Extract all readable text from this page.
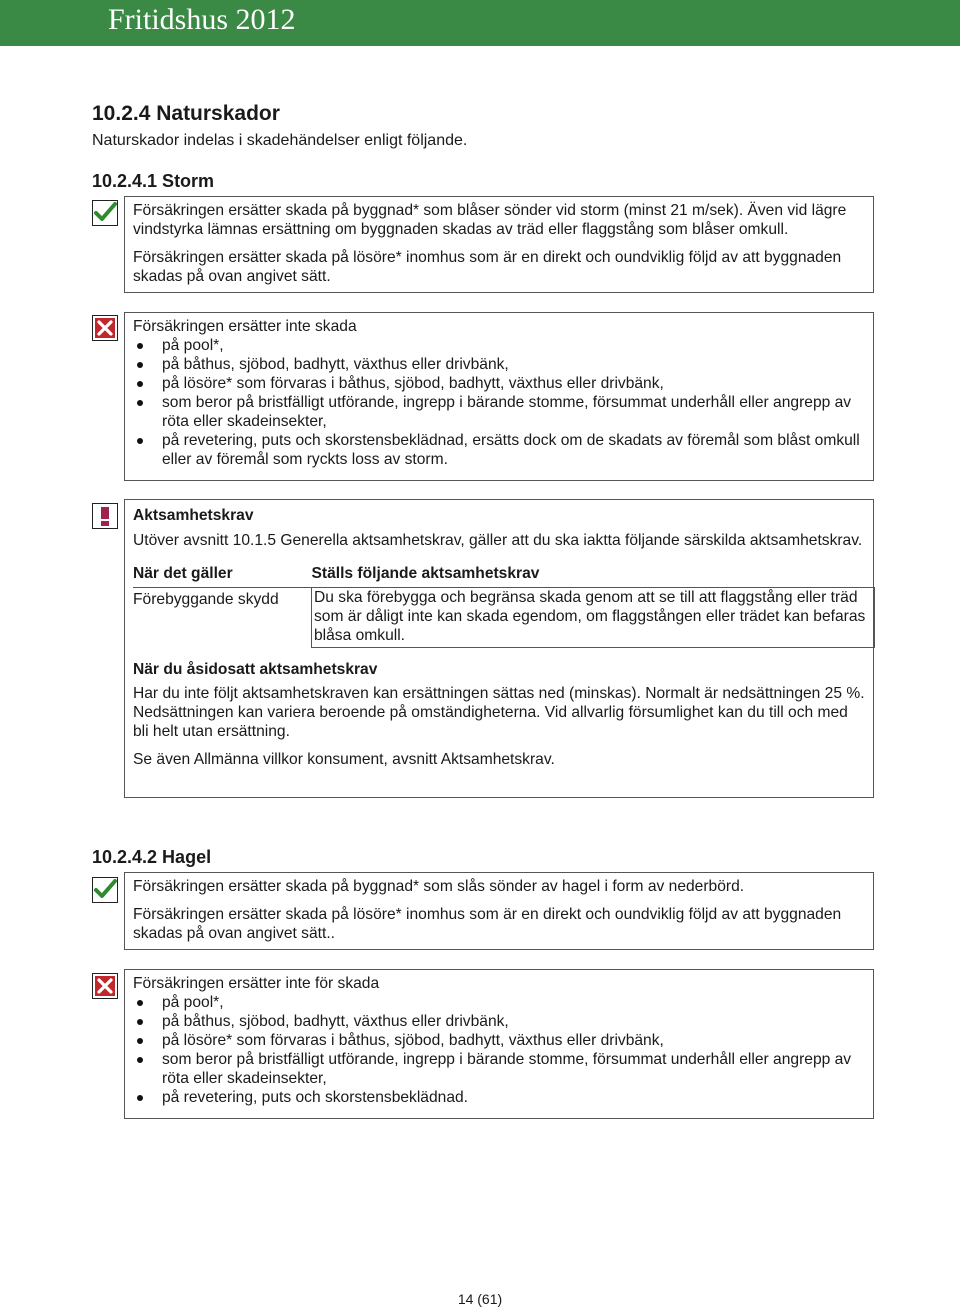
Fritidshus 2012
10.2.4 Naturskador

Naturskador indelas i skadehändelser enligt följande.

10.2.4.1 Storm

Försäkringen ersätter skada på byggnad* som blåser sönder vid storm (minst 21 m/sek). Även vid lägre vindstyrka lämnas ersättning om byggnaden skadas av träd eller flaggstång som blåser omkull.

Försäkringen ersätter skada på lösöre* inomhus som är en direkt och oundviklig följd av att byggnaden skadas på ovan angivet sätt.

Försäkringen ersätter inte skada

på pool*,
på båthus, sjöbod, badhytt, växthus eller drivbänk,
på lösöre* som förvaras i båthus, sjöbod, badhytt, växthus eller drivbänk,
som beror på bristfälligt utförande, ingrepp i bärande stomme, försummat underhåll eller angrepp av röta eller skadeinsekter,
på revetering, puts och skorstensbeklädnad, ersätts dock om de skadats av föremål som blåst omkull eller av föremål som ryckts loss av storm.

Aktsamhetskrav

Utöver avsnitt 10.1.5 Generella aktsamhetskrav, gäller att du ska iaktta följande särskilda aktsamhetskrav.

När det gäller	Ställs följande aktsamhetskrav
Förebyggande skydd	Du ska förebygga och begränsa skada genom att se till att flaggstång eller träd som är dåligt inte kan skada egendom, om flaggstången eller trädet kan befaras blåsa omkull.

När du åsidosatt aktsamhetskrav

Har du inte följt aktsamhetskraven kan ersättningen sättas ned (minskas). Normalt är nedsättningen 25 %. Nedsättningen kan variera beroende på omständigheterna. Vid allvarlig försumlighet kan du till och med bli helt utan ersättning.

Se även Allmänna villkor konsument, avsnitt Aktsamhetskrav.

10.2.4.2 Hagel

Försäkringen ersätter skada på byggnad* som slås sönder av hagel i form av nederbörd.

Försäkringen ersätter skada på lösöre* inomhus som är en direkt och oundviklig följd av att byggnaden skadas på ovan angivet sätt..

Försäkringen ersätter inte för skada

på pool*,
på båthus, sjöbod, badhytt, växthus eller drivbänk,
på lösöre* som förvaras i båthus, sjöbod, badhytt, växthus eller drivbänk,
som beror på bristfälligt utförande, ingrepp i bärande stomme, försummat underhåll eller angrepp av röta eller skadeinsekter,
på revetering, puts och skorstensbeklädnad.
14 (61)
